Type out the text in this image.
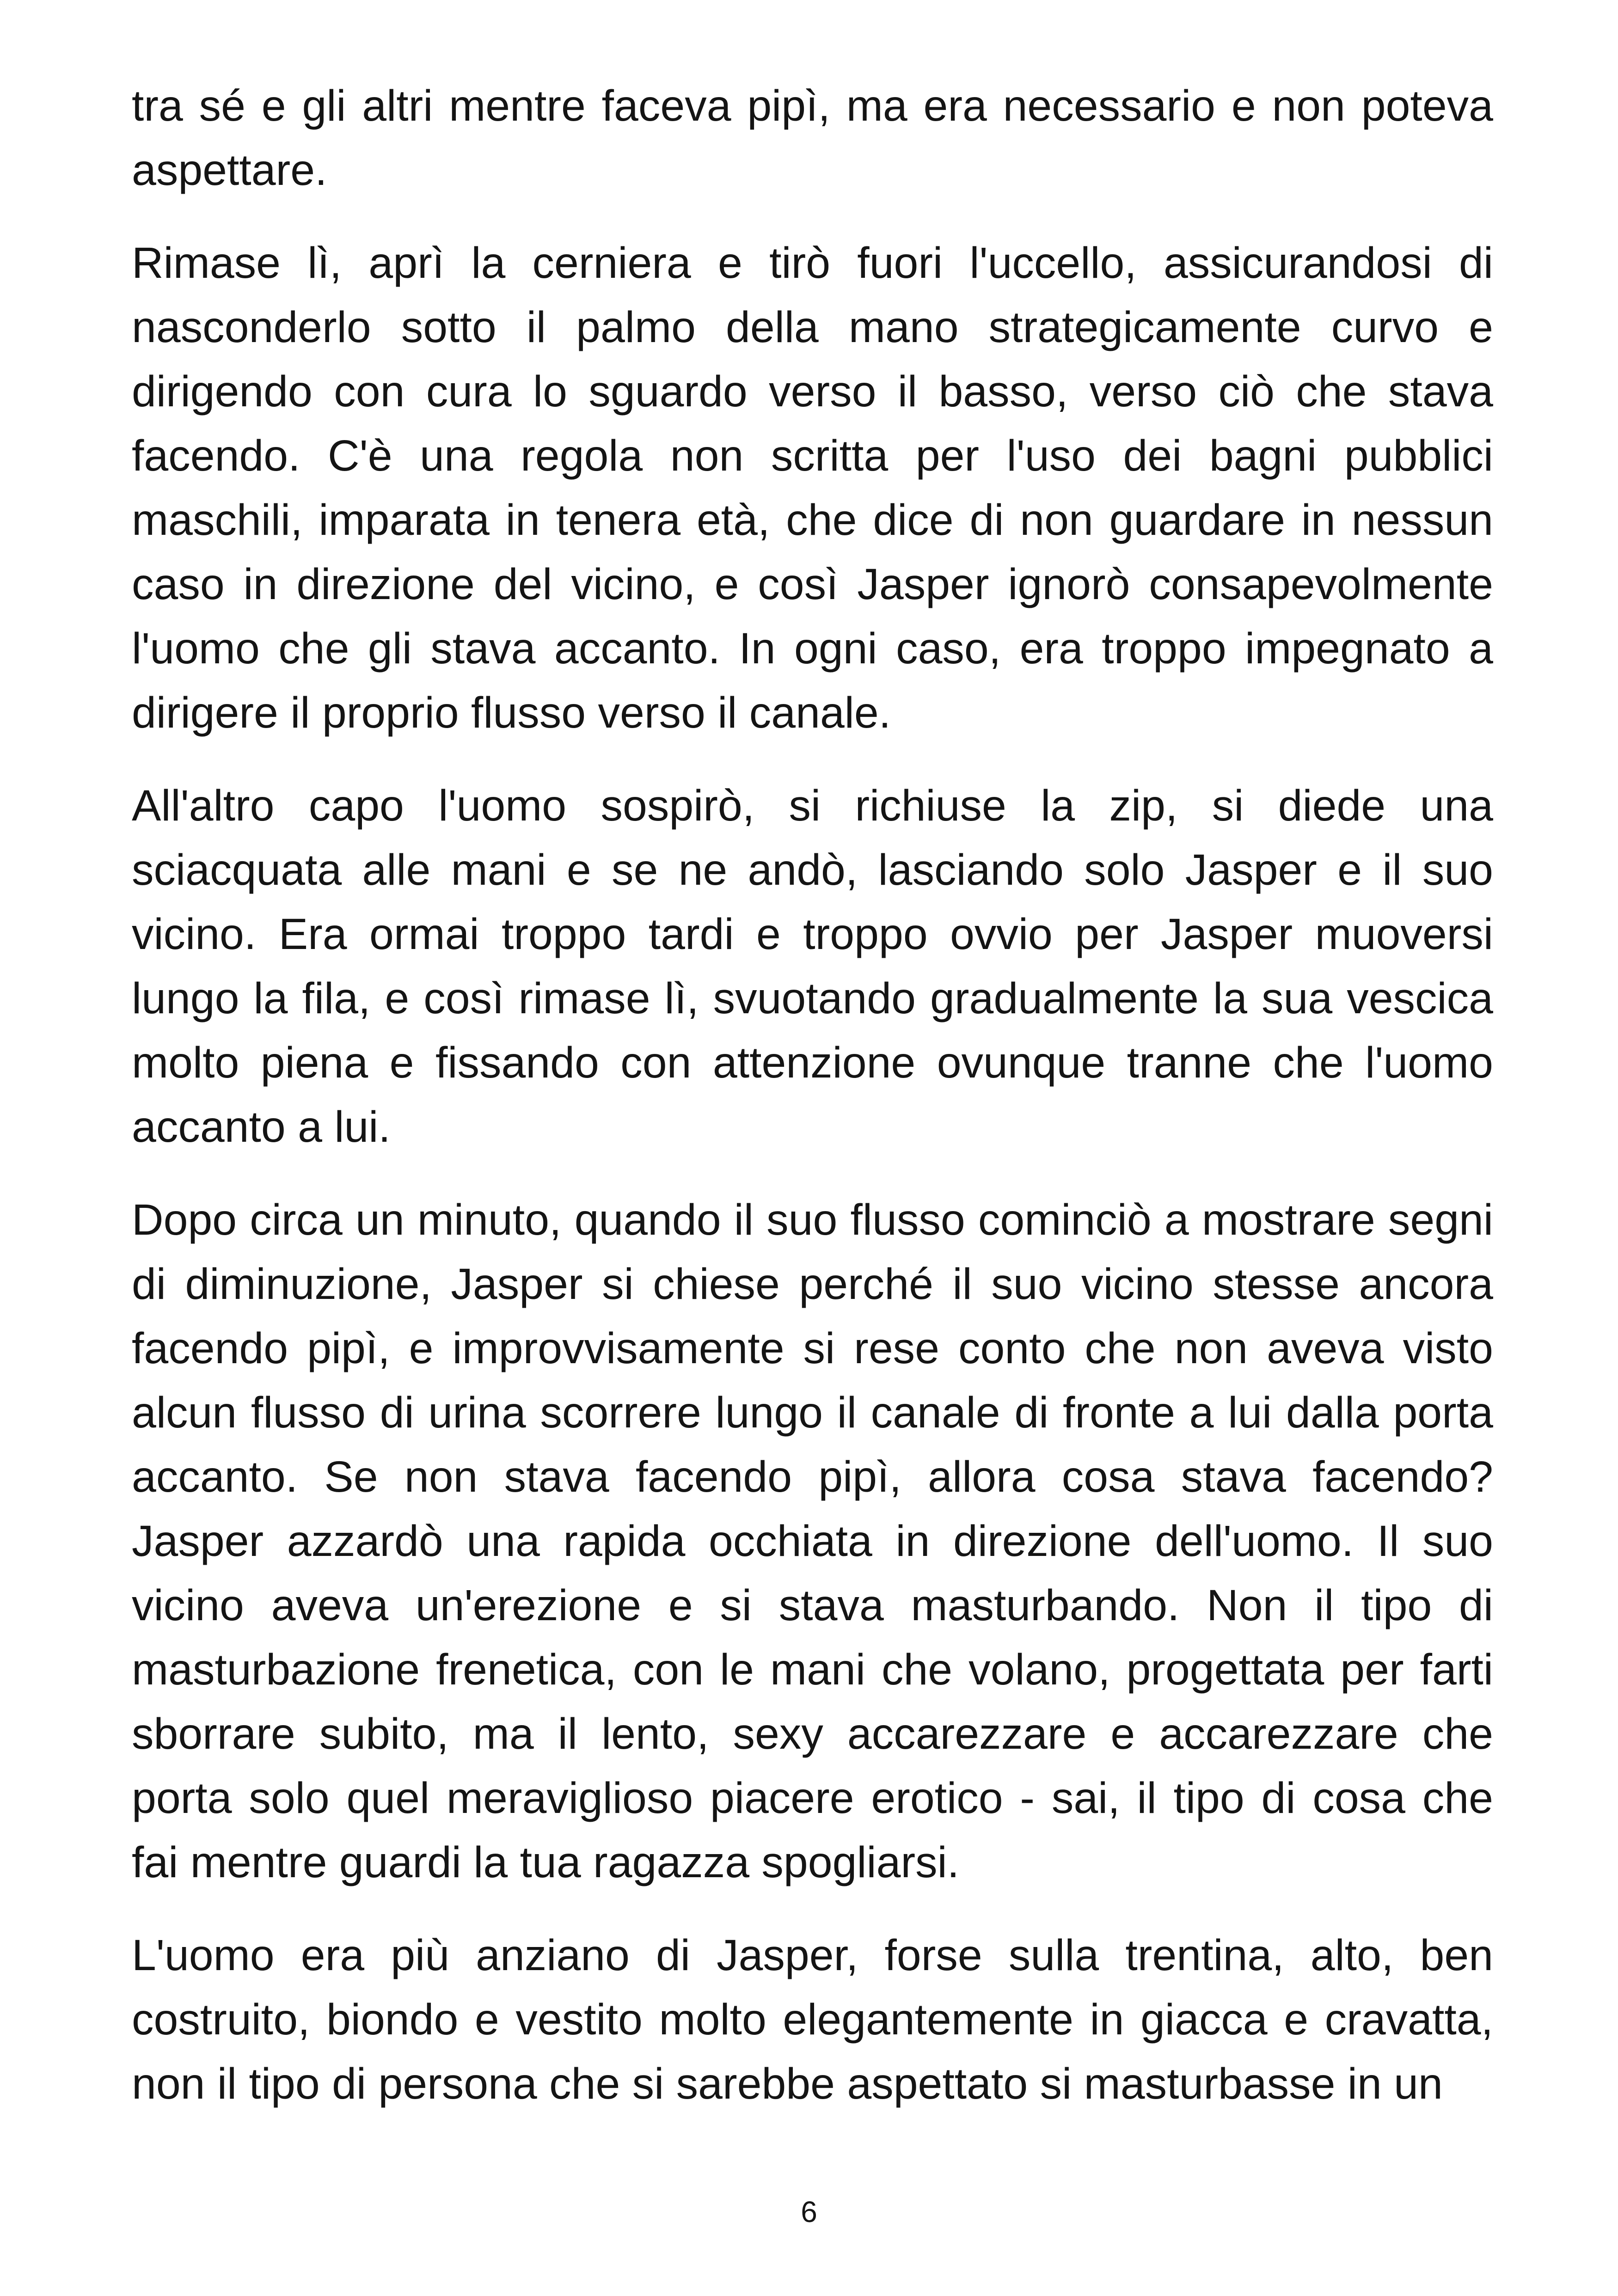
tra sé e gli altri mentre faceva pipì, ma era necessario e non poteva aspettare.

Rimase lì, aprì la cerniera e tirò fuori l'uccello, assicurandosi di nasconderlo sotto il palmo della mano strategicamente curvo e dirigendo con cura lo sguardo verso il basso, verso ciò che stava facendo. C'è una regola non scritta per l'uso dei bagni pubblici maschili, imparata in tenera età, che dice di non guardare in nessun caso in direzione del vicino, e così Jasper ignorò consapevolmente l'uomo che gli stava accanto. In ogni caso, era troppo impegnato a dirigere il proprio flusso verso il canale.

All'altro capo l'uomo sospirò, si richiuse la zip, si diede una sciacquata alle mani e se ne andò, lasciando solo Jasper e il suo vicino. Era ormai troppo tardi e troppo ovvio per Jasper muoversi lungo la fila, e così rimase lì, svuotando gradualmente la sua vescica molto piena e fissando con attenzione ovunque tranne che l'uomo accanto a lui.

Dopo circa un minuto, quando il suo flusso cominciò a mostrare segni di diminuzione, Jasper si chiese perché il suo vicino stesse ancora facendo pipì, e improvvisamente si rese conto che non aveva visto alcun flusso di urina scorrere lungo il canale di fronte a lui dalla porta accanto. Se non stava facendo pipì, allora cosa stava facendo? Jasper azzardò una rapida occhiata in direzione dell'uomo. Il suo vicino aveva un'erezione e si stava masturbando. Non il tipo di masturbazione frenetica, con le mani che volano, progettata per farti sborrare subito, ma il lento, sexy accarezzare e accarezzare che porta solo quel meraviglioso piacere erotico - sai, il tipo di cosa che fai mentre guardi la tua ragazza spogliarsi.

L'uomo era più anziano di Jasper, forse sulla trentina, alto, ben costruito, biondo e vestito molto elegantemente in giacca e cravatta, non il tipo di persona che si sarebbe aspettato si masturbasse in un

6
